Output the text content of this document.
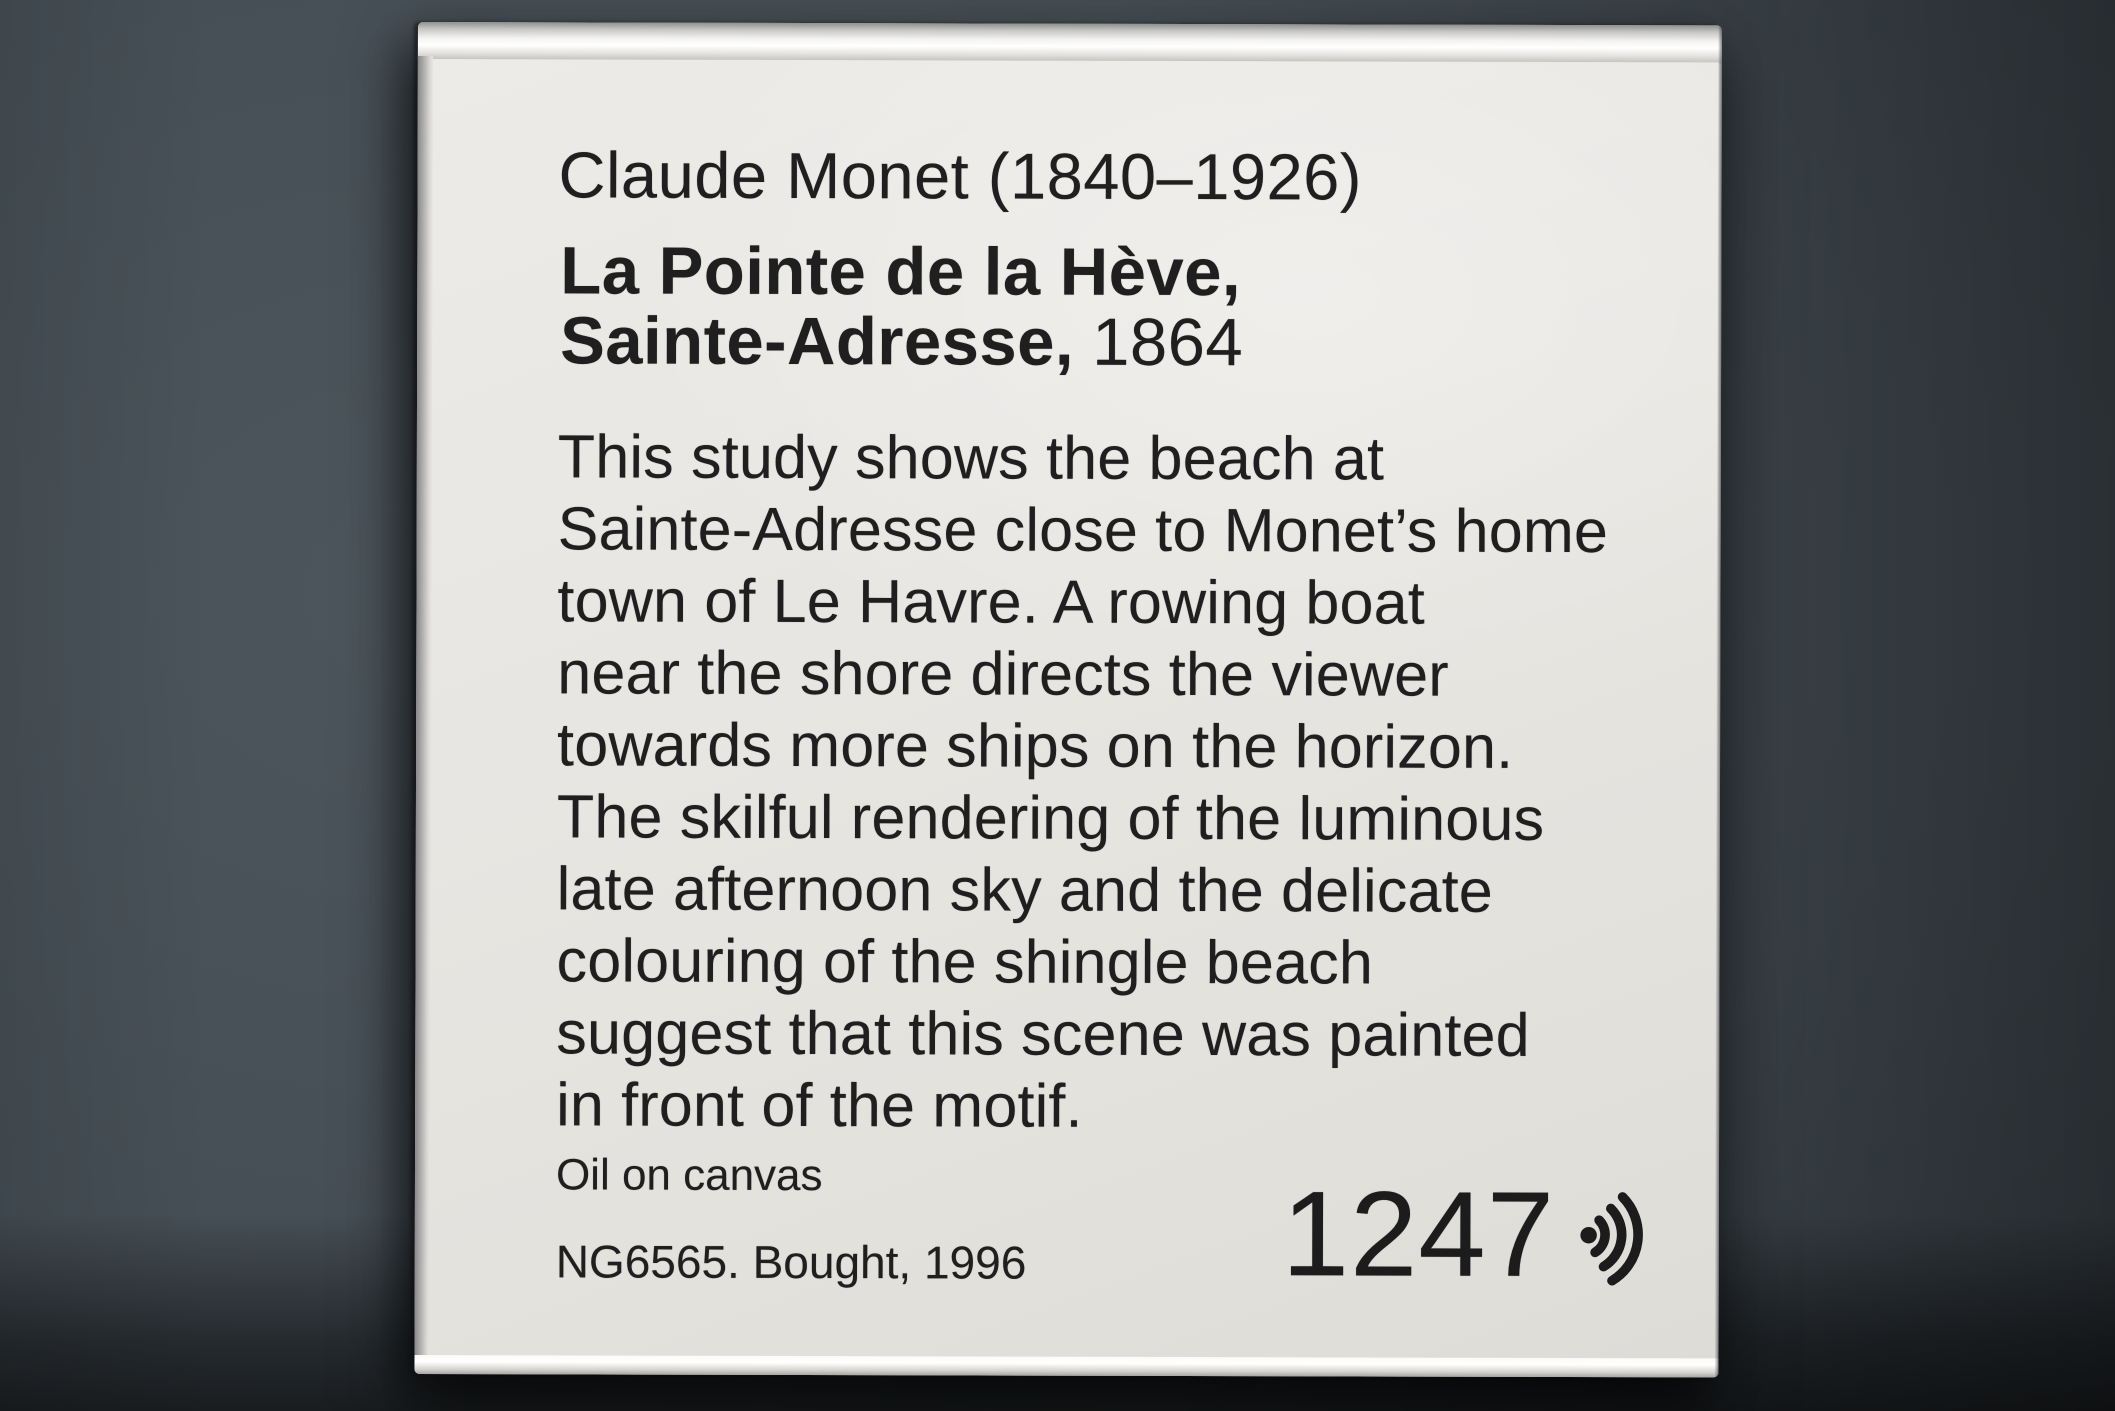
Claude Monet (1840–1926)
La Pointe de la Hève,
Sainte-Adresse, 1864
This study shows the beach at
Sainte-Adresse close to Monet’s home
town of Le Havre. A rowing boat
near the shore directs the viewer
towards more ships on the horizon.
The skilful rendering of the luminous
late afternoon sky and the delicate
colouring of the shingle beach
suggest that this scene was painted
in front of the motif.
Oil on canvas
NG6565. Bought, 1996 1247
